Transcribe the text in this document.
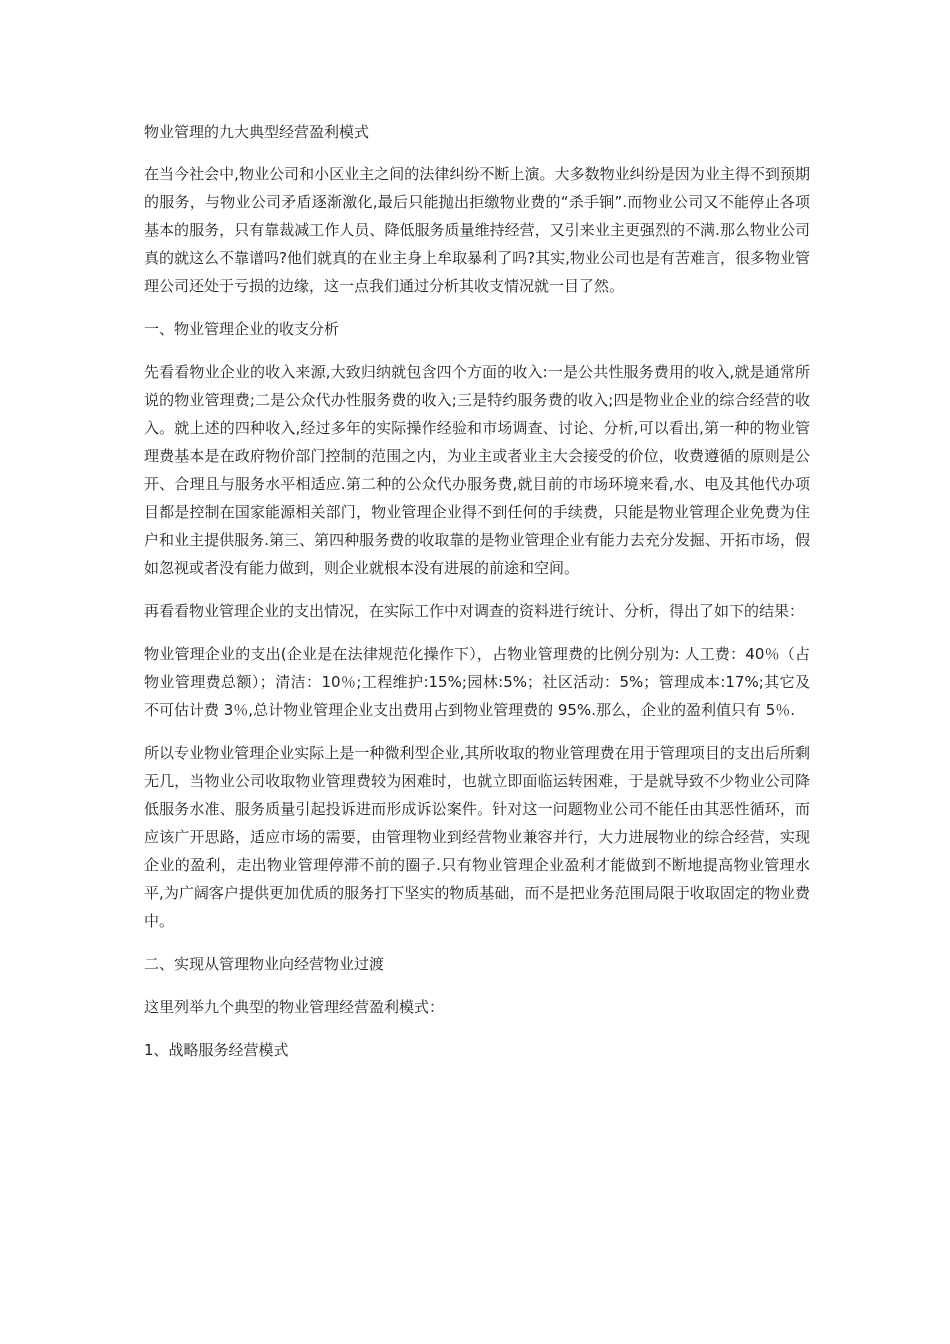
物业管理的九大典型经营盈利模式

在当今社会中,物业公司和小区业主之间的法律纠纷不断上演。大多数物业纠纷是因为业主得不到预期的服务，与物业公司矛盾逐渐激化,最后只能抛出拒缴物业费的“杀手锏”.而物业公司又不能停止各项基本的服务，只有靠裁减工作人员、降低服务质量维持经营，又引来业主更强烈的不满.那么物业公司真的就这么不靠谱吗?他们就真的在业主身上牟取暴利了吗?其实,物业公司也是有苦难言，很多物业管理公司还处于亏损的边缘，这一点我们通过分析其收支情况就一目了然。

一、物业管理企业的收支分析

先看看物业企业的收入来源,大致归纳就包含四个方面的收入:一是公共性服务费用的收入,就是通常所说的物业管理费;二是公众代办性服务费的收入;三是特约服务费的收入;四是物业企业的综合经营的收入。就上述的四种收入,经过多年的实际操作经验和市场调查、讨论、分析,可以看出,第一种的物业管理费基本是在政府物价部门控制的范围之内，为业主或者业主大会接受的价位，收费遵循的原则是公开、合理且与服务水平相适应.第二种的公众代办服务费,就目前的市场环境来看,水、电及其他代办项目都是控制在国家能源相关部门，物业管理企业得不到任何的手续费，只能是物业管理企业免费为住户和业主提供服务.第三、第四种服务费的收取靠的是物业管理企业有能力去充分发掘、开拓市场，假如忽视或者没有能力做到，则企业就根本没有进展的前途和空间。

再看看物业管理企业的支出情况，在实际工作中对调查的资料进行统计、分析，得出了如下的结果：

物业管理企业的支出(企业是在法律规范化操作下），占物业管理费的比例分别为: 人工费：40％（占物业管理费总额）；清洁：10％;工程维护:15%;园林:5%；社区活动：5%；管理成本:17%;其它及不可估计费 3％,总计物业管理企业支出费用占到物业管理费的 95%.那么，企业的盈利值只有 5％.

所以专业物业管理企业实际上是一种微利型企业,其所收取的物业管理费在用于管理项目的支出后所剩无几，当物业公司收取物业管理费较为困难时，也就立即面临运转困难，于是就导致不少物业公司降低服务水准、服务质量引起投诉进而形成诉讼案件。针对这一问题物业公司不能任由其恶性循环，而应该广开思路，适应市场的需要，由管理物业到经营物业兼容并行，大力进展物业的综合经营，实现企业的盈利，走出物业管理停滞不前的圈子.只有物业管理企业盈利才能做到不断地提高物业管理水平,为广阔客户提供更加优质的服务打下坚实的物质基础，而不是把业务范围局限于收取固定的物业费中。

二、实现从管理物业向经营物业过渡

这里列举九个典型的物业管理经营盈利模式：

1、战略服务经营模式
